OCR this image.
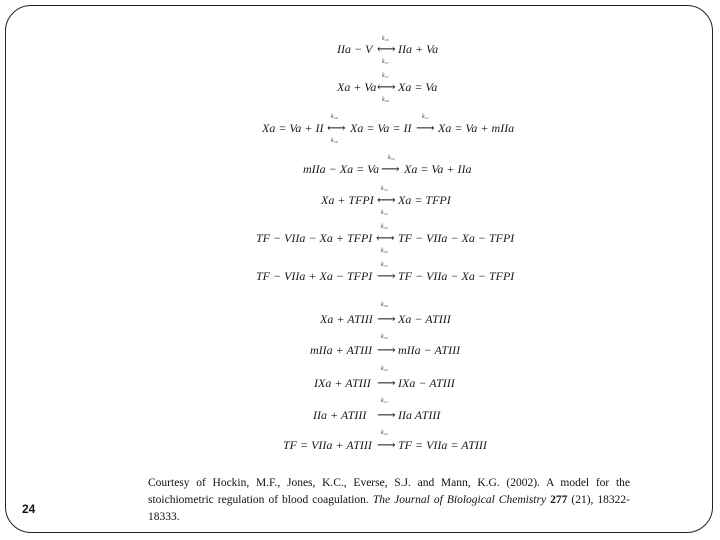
k₂₆
IIa − V ⟷ IIa + Va
k₂₇
k₂₇
Xa + Va ⟷ Xa = Va
k₂₈
k₂₉	k₃₁
Xa = Va + II ⟷ Xa = Va = II ⟶ Xa = Va + mIIa
k₃₀
k₃₂
mIIa − Xa = Va ⟶ Xa = Va + IIa
k₃₃
Xa + TFPI ⟷ Xa = TFPI
k₃₄
k₃₅
TF − VIIa − Xa + TFPI ⟷ TF − VIIa − Xa − TFPI
k₃₆
k₃₇
TF − VIIa + Xa − TFPI ⟶ TF − VIIa − Xa − TFPI
k₃₈
Xa + ATIII ⟶ Xa − ATIII
k₃₉
mIIa + ATIII ⟶ mIIa − ATIII
k₄₀
IXa + ATIII ⟶ IXa − ATIII
k₄₁
IIa + ATIII ⟶ IIa ATIII
k₄₂
TF = VIIa + ATIII ⟶ TF = VIIa = ATIII
Courtesy of Hockin, M.F., Jones, K.C., Everse, S.J. and Mann, K.G. (2002). A model for the stoichiometric regulation of blood coagulation. The Journal of Biological Chemistry 277 (21), 18322-18333.
24
